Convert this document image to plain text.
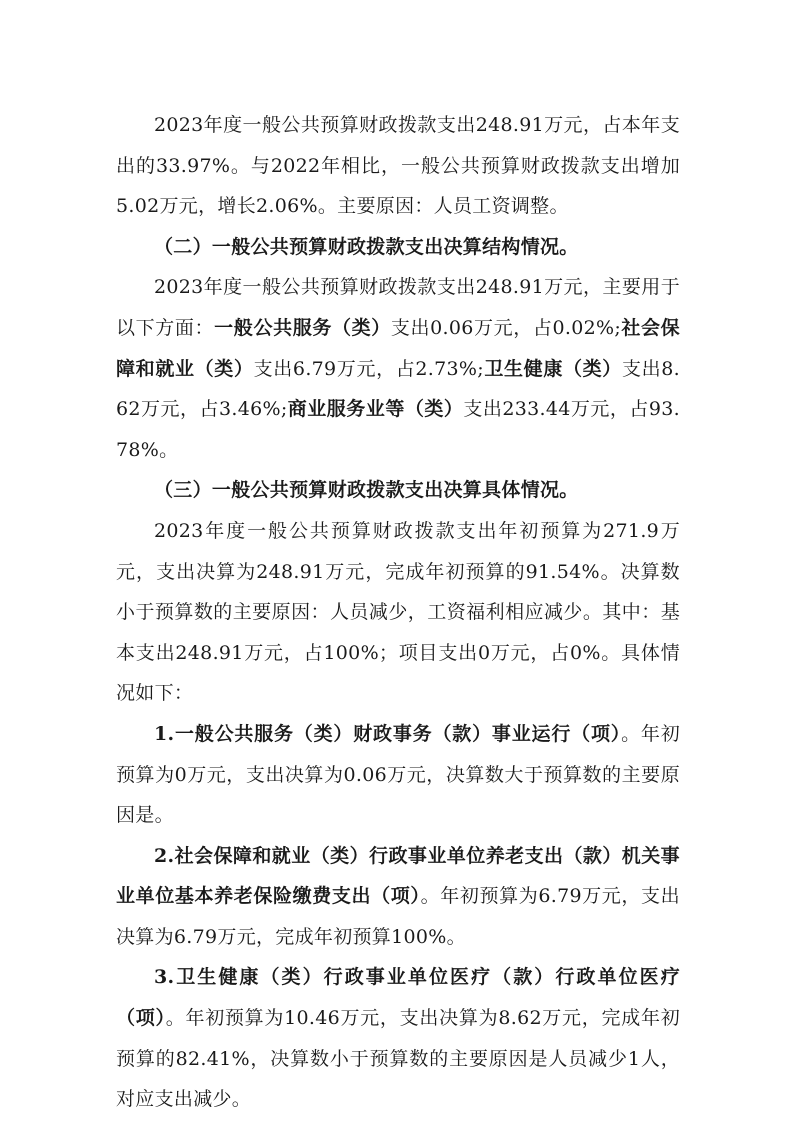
2023年度一般公共预算财政拨款支出248.91万元，占本年支出的33.97%。与2022年相比，一般公共预算财政拨款支出增加5.02万元，增长2.06%。主要原因：人员工资调整。

（二）一般公共预算财政拨款支出决算结构情况。

2023年度一般公共预算财政拨款支出248.91万元，主要用于以下方面：一般公共服务（类）支出0.06万元，占0.02%;社会保障和就业（类）支出6.79万元，占2.73%;卫生健康（类）支出8.62万元，占3.46%;商业服务业等（类）支出233.44万元，占93.78%。

（三）一般公共预算财政拨款支出决算具体情况。

2023年度一般公共预算财政拨款支出年初预算为271.9万元，支出决算为248.91万元，完成年初预算的91.54%。决算数小于预算数的主要原因：人员减少，工资福利相应减少。其中：基本支出248.91万元，占100%；项目支出0万元，占0%。具体情况如下：

1.一般公共服务（类）财政事务（款）事业运行（项）。年初预算为0万元，支出决算为0.06万元，决算数大于预算数的主要原因是。

2.社会保障和就业（类）行政事业单位养老支出（款）机关事业单位基本养老保险缴费支出（项）。年初预算为6.79万元，支出决算为6.79万元，完成年初预算100%。

3.卫生健康（类）行政事业单位医疗（款）行政单位医疗（项）。年初预算为10.46万元，支出决算为8.62万元，完成年初预算的82.41%，决算数小于预算数的主要原因是人员减少1人，对应支出减少。
